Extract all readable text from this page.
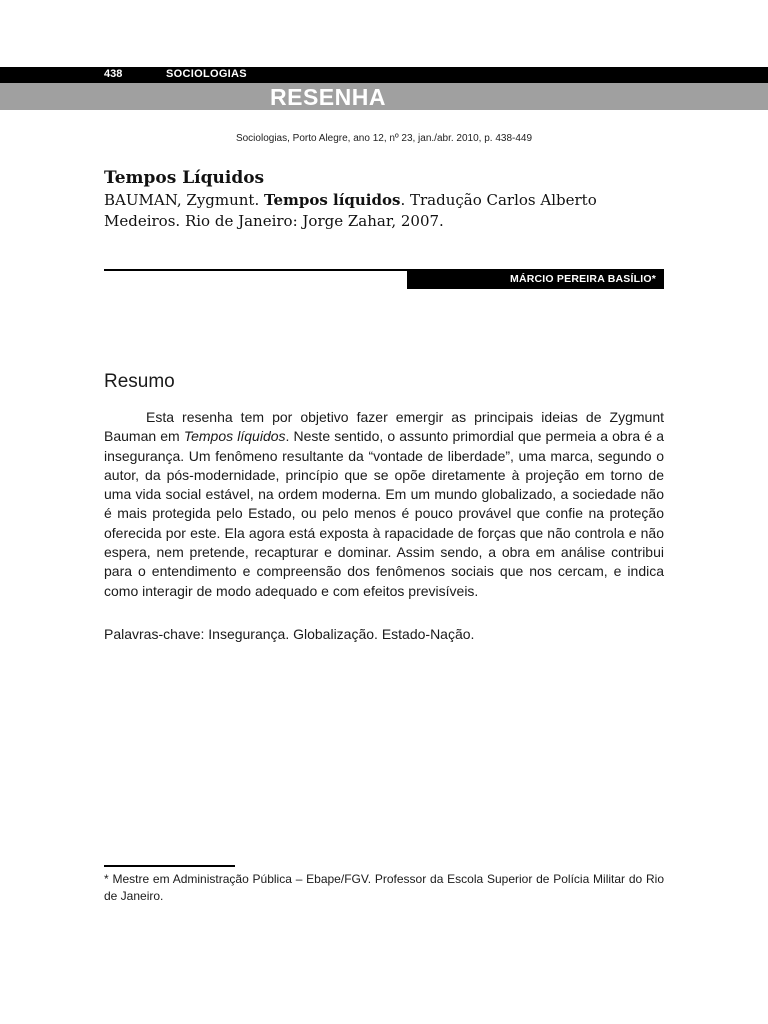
438	SOCIOLOGIAS
RESENHA
Sociologias, Porto Alegre, ano 12, nº 23, jan./abr. 2010, p. 438-449
Tempos Líquidos
BAUMAN, Zygmunt. Tempos líquidos. Tradução Carlos Alberto Medeiros. Rio de Janeiro: Jorge Zahar, 2007.
MÁRCIO PEREIRA BASÍLIO*
Resumo

Esta resenha tem por objetivo fazer emergir as principais ideias de Zygmunt Bauman em Tempos líquidos. Neste sentido, o assunto primordial que permeia a obra é a insegurança. Um fenômeno resultante da “vontade de liberdade”, uma marca, segundo o autor, da pós-modernidade, princípio que se opõe diretamente à projeção em torno de uma vida social estável, na ordem moderna. Em um mundo globalizado, a sociedade não é mais protegida pelo Estado, ou pelo menos é pouco provável que confie na proteção oferecida por este. Ela agora está exposta à rapacidade de forças que não controla e não espera, nem pretende, recapturar e dominar. Assim sendo, a obra em análise contribui para o entendimento e compreensão dos fenômenos sociais que nos cercam, e indica como interagir de modo adequado e com efeitos previsíveis.

Palavras-chave: Insegurança. Globalização. Estado-Nação.

* Mestre em Administração Pública – Ebape/FGV. Professor da Escola Superior de Polícia Militar do Rio de Janeiro.
